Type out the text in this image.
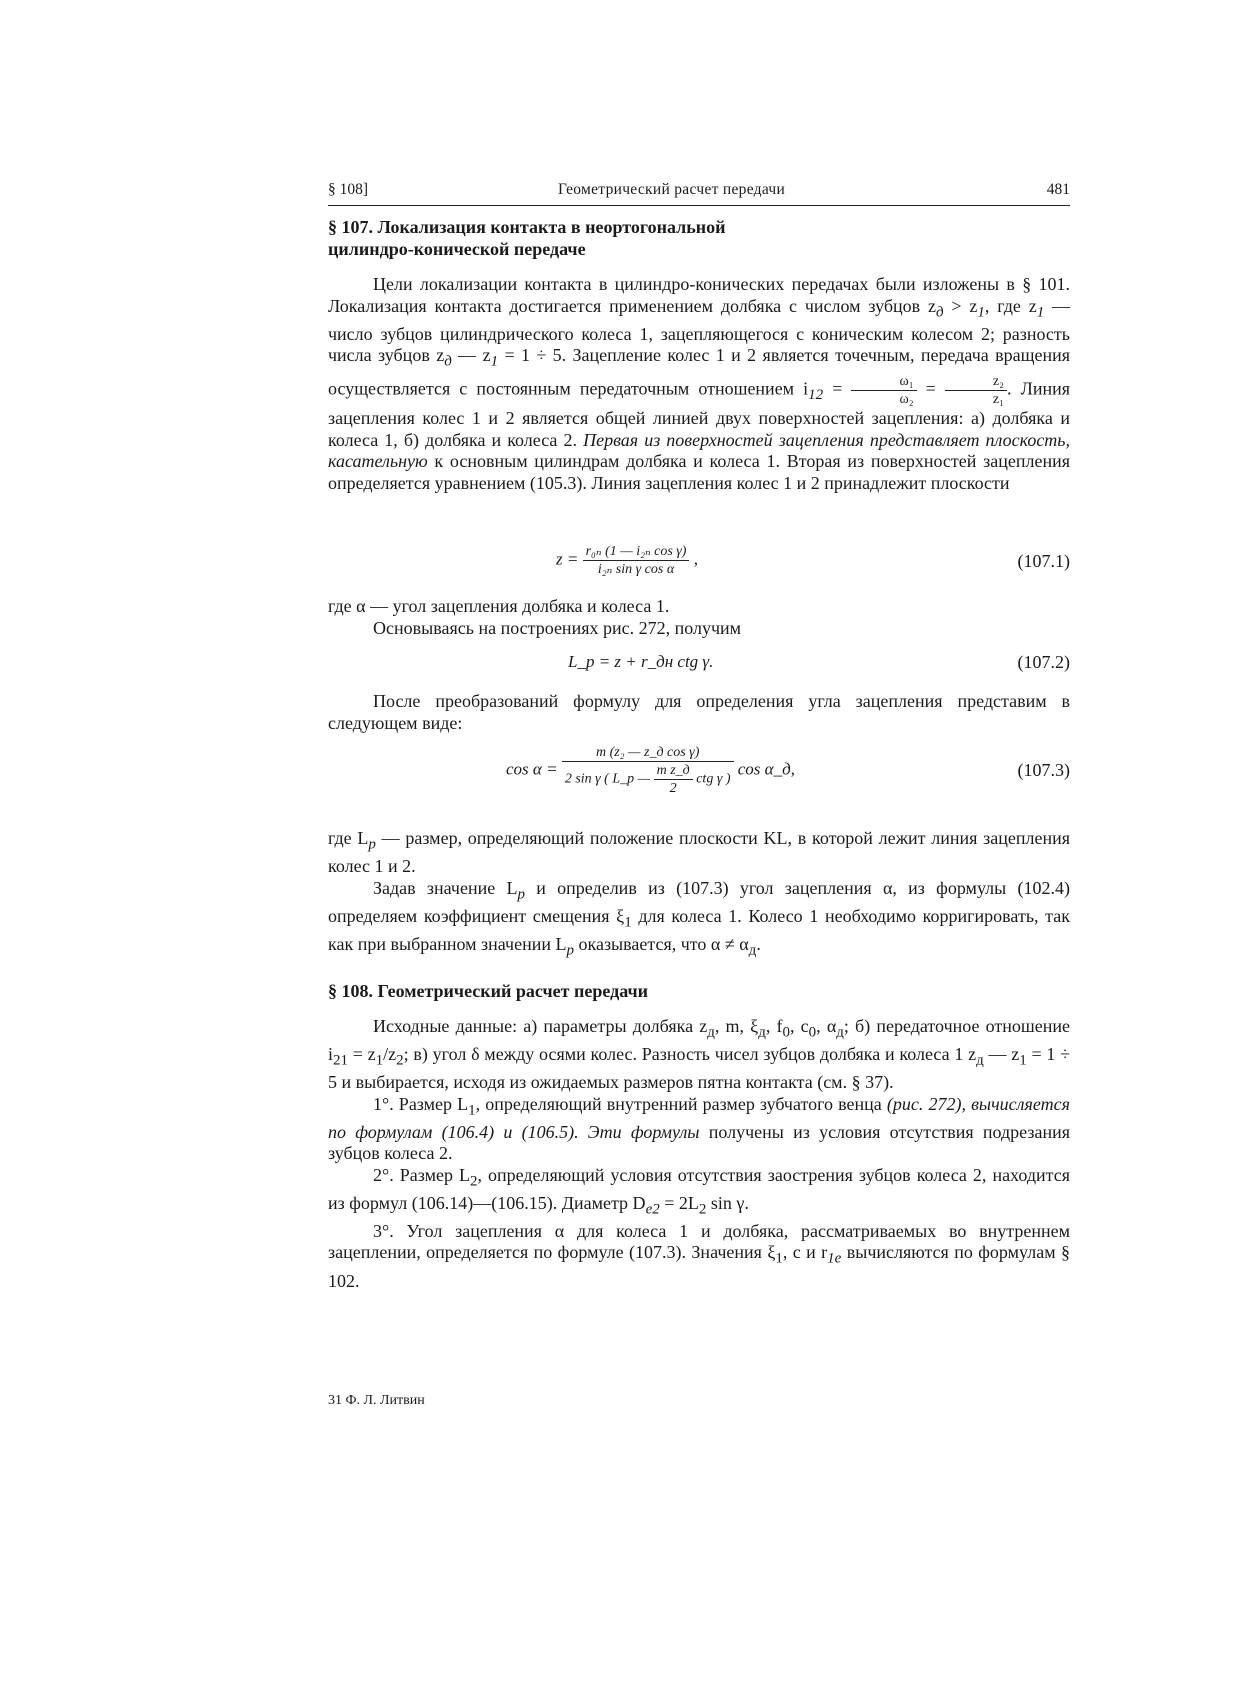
§ 108]	Геометрический расчет передачи	481
§ 107. Локализация контакта в неортогональной цилиндро-конической передаче

Цели локализации контакта в цилиндро-конических передачах были изложены в § 101. Локализация контакта достигается применением долбяка с числом зубцов $z_д > z_1$, где $z_1$ — число зубцов цилиндрического колеса 1, зацепляющегося с коническим колесом 2; разность числа зубцов $z_д$ — $z_1 = 1 \div 5$. Зацепление колес 1 и 2 является точечным, передача вращения осуществляется с постоянным передаточным отношением $i_{12} = \frac{\text{ω₁}}{\text{ω₂}} = \frac{\text{z₂}}{\text{z₁}}$ . Линия зацепления колес 1 и 2 является общей линией двух поверхностей зацепления: а) долбяка и колеса 1, б) долбяка и колеса 2. Первая из поверхностей зацепления представляет плоскость, касательную к основным цилиндрам долбяка и колеса 1. Вторая из поверхностей зацепления определяется уравнением (105.3). Линия зацепления колес 1 и 2 принадлежит плоскости

$z = \frac{\text{r₀ₙ (1 — i₂ₙ cos γ)}}{\text{i₂ₙ sin γ cos α}}$ ,	(107.1)

где α — угол зацепления долбяка и колеса 1.

Основываясь на построениях рис. 272, получим

L_p = z + r_дн ctg γ.	(107.2)

После преобразований формулу для определения угла зацепления представим в следующем виде:

$\cos \alpha = \frac{\text{m (z₂ — z\_д cos γ)}}{2 \sin \gamma ( L\_p — \frac{\text{m z\_д}}{2} ctg \gamma )}$ cos α_д,	(107.3)

где $L_p$ — размер, определяющий положение плоскости KL, в которой лежит линия зацепления колес 1 и 2.

Задав значение $L_p$ и определив из (107.3) угол зацепления α, из формулы (102.4) определяем коэффициент смещения $\xi_1$ для колеса 1. Колесо 1 необходимо корригировать, так как при выбранном значении $L_p$ оказывается, что $\alpha \ne \alpha_д$.

§ 108. Геометрический расчет передачи

Исходные данные: а) параметры долбяка $z_д$, m, $\xi_д$, $f_0$, $c_0$, $\alpha_д$; б) передаточное отношение $i_{21} = z_1/z_2$; в) угол δ между осями колес. Разность чисел зубцов долбяка и колеса 1 $z_д$ — $z_1 = 1 \div 5$ и выбирается, исходя из ожидаемых размеров пятна контакта (см. § 37).

1°. Размер $L_1$, определяющий внутренний размер зубчатого венца (рис. 272), вычисляется по формулам (106.4) и (106.5). Эти формулы получены из условия отсутствия подрезания зубцов колеса 2.

2°. Размер $L_2$, определяющий условия отсутствия заострения зубцов колеса 2, находится из формул (106.14)—(106.15). Диаметр $D_{e2} = 2L_2$ sin γ.

3°. Угол зацепления α для колеса 1 и долбяка, рассматриваемых во внутреннем зацеплении, определяется по формуле (107.3). Значения $\xi_1$, c и $r_{1e}$ вычисляются по формулам § 102.

31 Ф. Л. Литвин
